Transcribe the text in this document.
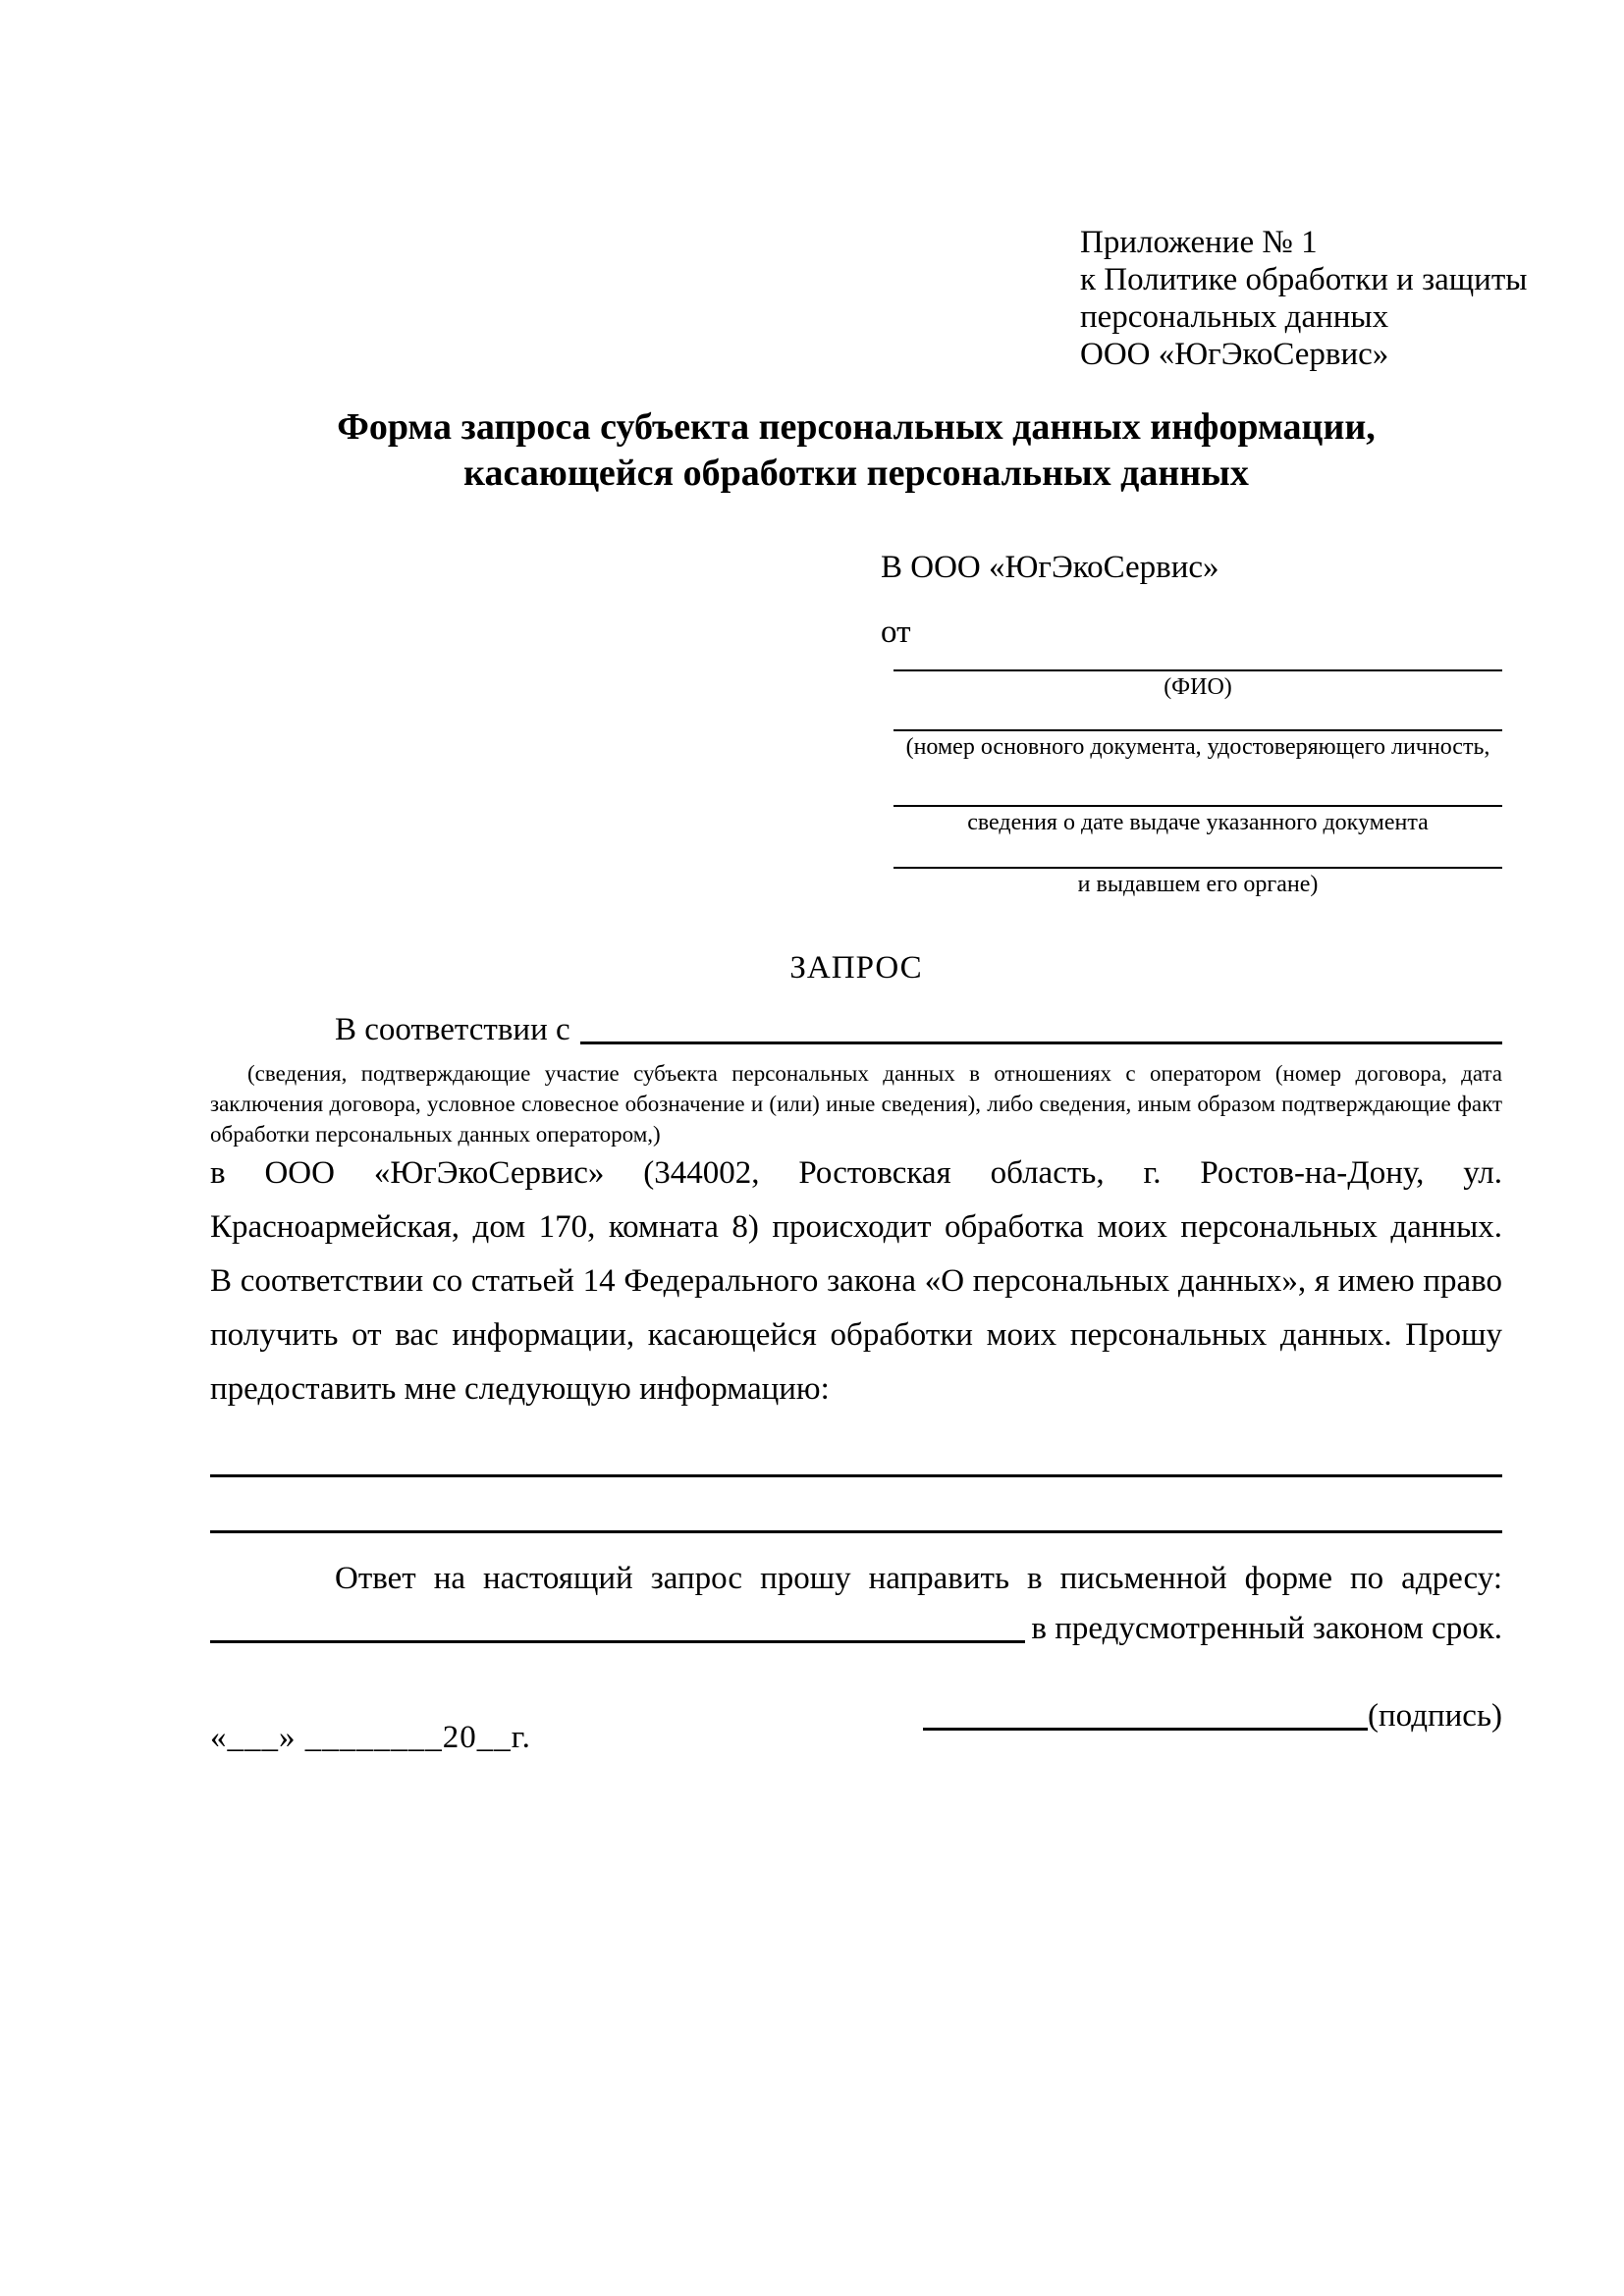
Приложение № 1
к Политике обработки и защиты
персональных данных
ООО «ЮгЭкоСервис»
Форма запроса субъекта персональных данных информации,
касающейся обработки персональных данных
В ООО «ЮгЭкоСервис»
от
(ФИО)
(номер основного документа, удостоверяющего личность,
сведения о дате выдаче указанного документа
и выдавшем его органе)
ЗАПРОС
В соответствии с
(сведения, подтверждающие участие субъекта персональных данных в отношениях с оператором (номер договора, дата
заключения договора, условное словесное обозначение и (или) иные сведения), либо сведения, иным образом подтверждающие факт
обработки персональных данных оператором,)
в ООО «ЮгЭкоСервис» (344002, Ростовская область, г. Ростов-на-Дону, ул.
Красноармейская, дом 170, комната 8) происходит обработка моих персональных данных.
В соответствии со статьей 14 Федерального закона «О персональных данных», я имею право
получить от вас информации, касающейся обработки моих персональных данных. Прошу
предоставить мне следующую информацию:
Ответ на настоящий запрос прошу направить в письменной форме по адресу:
в предусмотренный законом срок.
«___» ________20__г.
(подпись)
